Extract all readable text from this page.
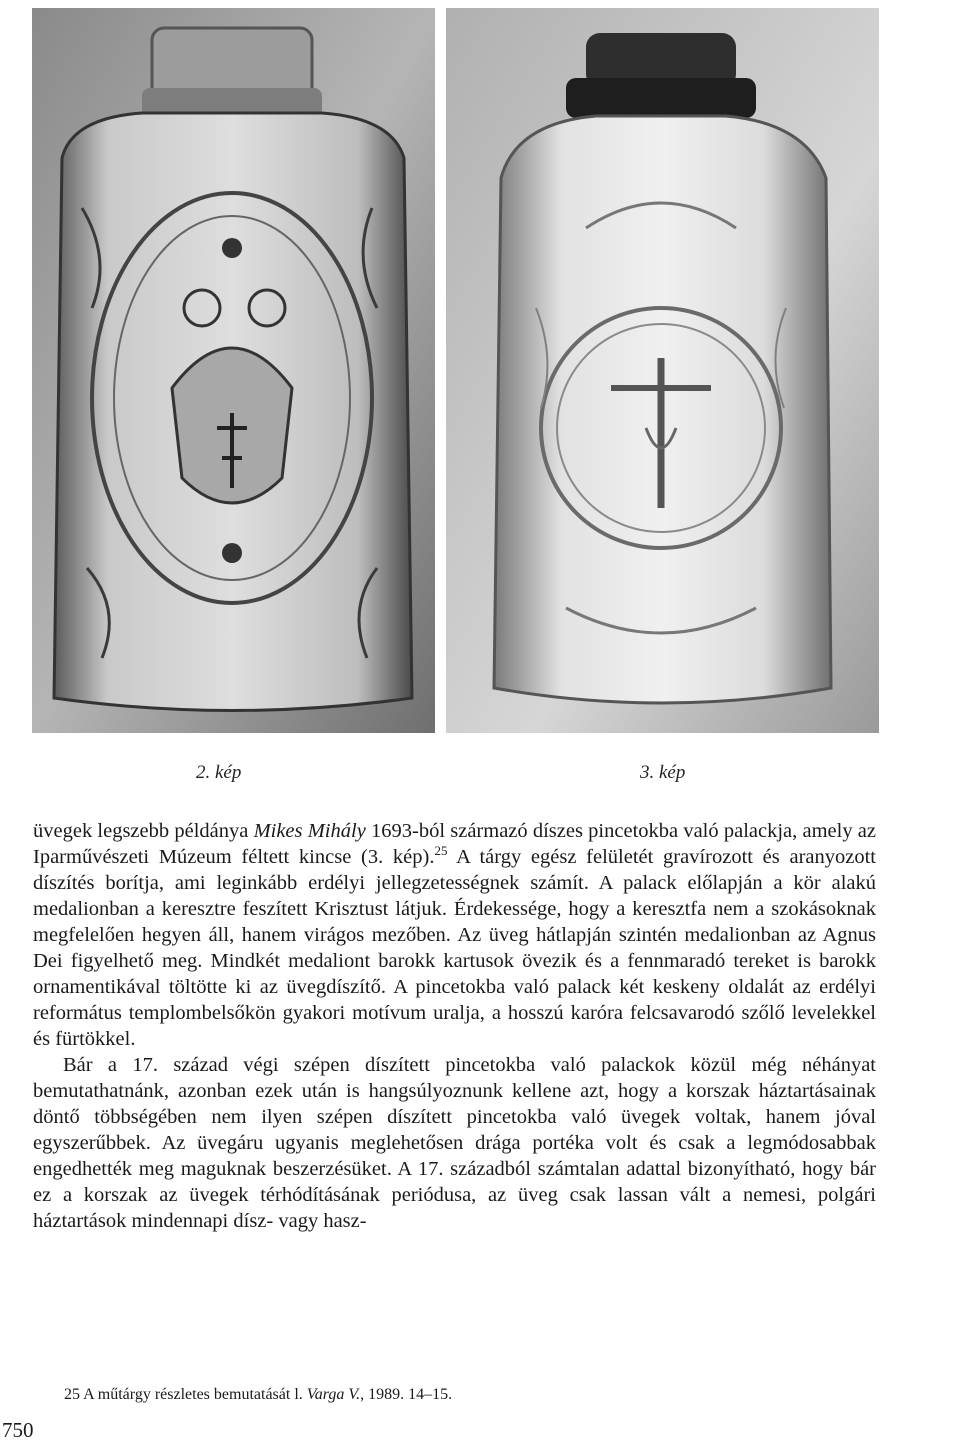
2. kép	3. kép

üvegek legszebb példánya Mikes Mihály 1693-ból származó díszes pincetokba való palackja, amely az Iparművészeti Múzeum féltett kincse (3. kép).$^{25}$ A tárgy egész felületét gravírozott és aranyozott díszítés borítja, ami leginkább erdélyi jellegzetességnek számít. A palack előlapján a kör alakú medalionban a keresztre feszített Krisztust látjuk. Érdekessége, hogy a keresztfa nem a szokásoknak megfelelően hegyen áll, hanem virágos mezőben. Az üveg hátlapján szintén medalionban az Agnus Dei figyelhető meg. Mindkét medaliont barokk kartusok övezik és a fennmaradó tereket is barokk ornamentikával töltötte ki az üvegdíszítő. A pincetokba való palack két keskeny oldalát az erdélyi református templombelsőkön gyakori motívum uralja, a hosszú karóra felcsavarodó szőlő levelekkel és fürtökkel.

Bár a 17. század végi szépen díszített pincetokba való palackok közül még néhányat bemutathatnánk, azonban ezek után is hangsúlyoznunk kellene azt, hogy a korszak háztartásainak döntő többségében nem ilyen szépen díszített pincetokba való üvegek voltak, hanem jóval egyszerűbbek. Az üvegáru ugyanis meglehetősen drága portéka volt és csak a legmódosabbak engedhették meg maguknak beszerzésüket. A 17. századból számtalan adattal bizonyítható, hogy bár ez a korszak az üvegek térhódításának periódusa, az üveg csak lassan vált a nemesi, polgári háztartások mindennapi dísz- vagy hasz-

25 A műtárgy részletes bemutatását l. Varga V., 1989. 14–15.
750
